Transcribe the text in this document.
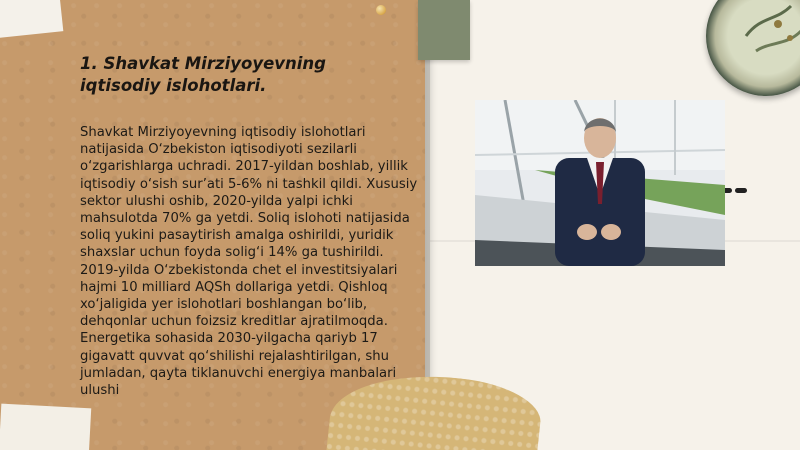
1. Shavkat Mirziyoyevning iqtisodiy islohotlari.

Shavkat Mirziyoyevning iqtisodiy islohotlari natijasida O‘zbekiston iqtisodiyoti sezilarli o‘zgarishlarga uchradi. 2017-yildan boshlab, yillik iqtisodiy o‘sish sur’ati 5-6% ni tashkil qildi. Xususiy sektor ulushi oshib, 2020-yilda yalpi ichki mahsulotda 70% ga yetdi. Soliq islohoti natijasida soliq yukini pasaytirish amalga oshirildi, yuridik shaxslar uchun foyda solig‘i 14% ga tushirildi. 2019-yilda O‘zbekistonda chet el investitsiyalari hajmi 10 milliard AQSh dollariga yetdi. Qishloq xo‘jaligida yer islohotlari boshlangan bo‘lib, dehqonlar uchun foizsiz kreditlar ajratilmoqda. Energetika sohasida 2030-yilgacha qariyb 17 gigavatt quvvat qo‘shilishi rejalashtirilgan, shu jumladan, qayta tiklanuvchi energiya manbalari ulushi
